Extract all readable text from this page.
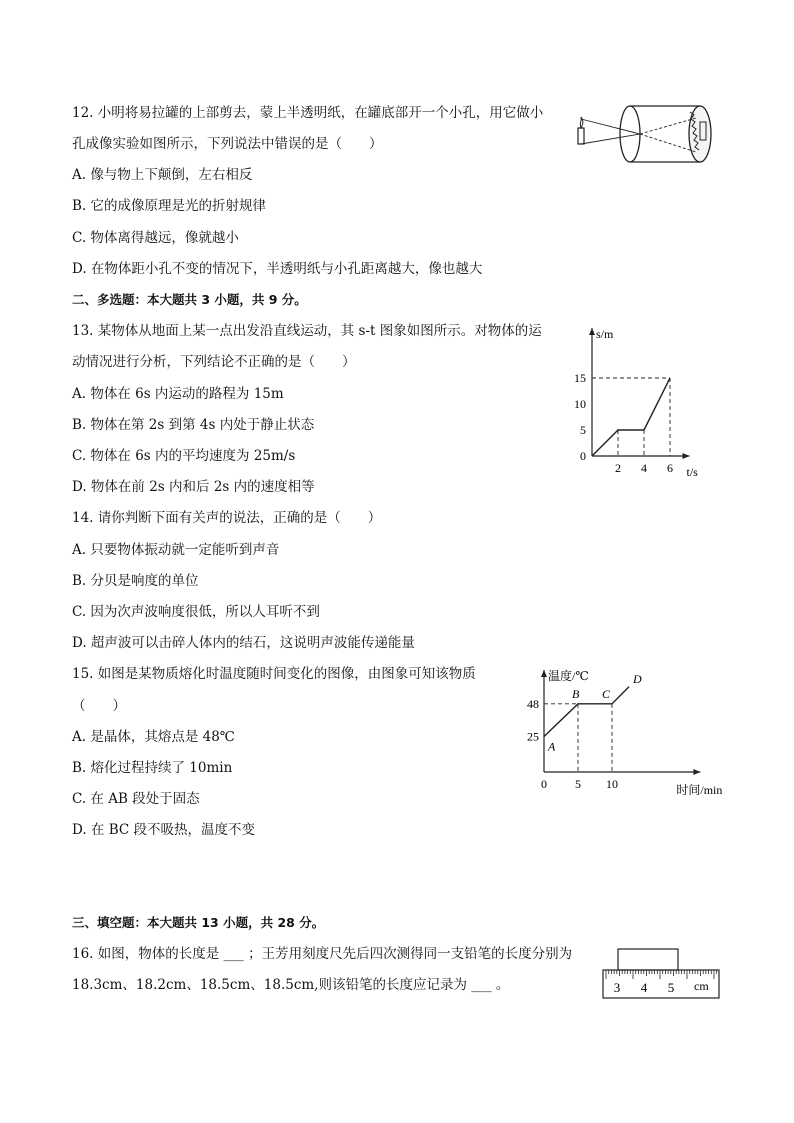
12. 小明将易拉罐的上部剪去，蒙上半透明纸，在罐底部开一个小孔，用它做小
孔成像实验如图所示，下列说法中错误的是（　　）
A. 像与物上下颠倒，左右相反
B. 它的成像原理是光的折射规律
C. 物体离得越远，像就越小
D. 在物体距小孔不变的情况下，半透明纸与小孔距离越大，像也越大
二、多选题：本大题共 3 小题，共 9 分。
13. 某物体从地面上某一点出发沿直线运动，其 s-t 图象如图所示。对物体的运
动情况进行分析，下列结论不正确的是（　　）
A. 物体在 6s 内运动的路程为 15m
B. 物体在第 2s 到第 4s 内处于静止状态
C. 物体在 6s 内的平均速度为 25m/s
D. 物体在前 2s 内和后 2s 内的速度相等
2 4 6
0
5
10
15
s/m
t/s
14. 请你判断下面有关声的说法，正确的是（　　）
A. 只要物体振动就一定能听到声音
B. 分贝是响度的单位
C. 因为次声波响度很低，所以人耳听不到
D. 超声波可以击碎人体内的结石，这说明声波能传递能量
15. 如图是某物质熔化时温度随时间变化的图像，由图象可知该物质
（　　）
A. 是晶体，其熔点是 48℃
B. 熔化过程持续了 10min
C. 在 AB 段处于固态
D. 在 BC 段不吸热，温度不变
A
B C
D
0 5 10
48
25
温度/℃
时间/min
三、填空题：本大题共 13 小题，共 28 分。
16. 如图，物体的长度是 ___ ；王芳用刻度尺先后四次测得同一支铅笔的长度分别为
18.3cm、18.2cm、18.5cm、18.5cm,则该铅笔的长度应记录为 ___ 。	3 4 5 cm
